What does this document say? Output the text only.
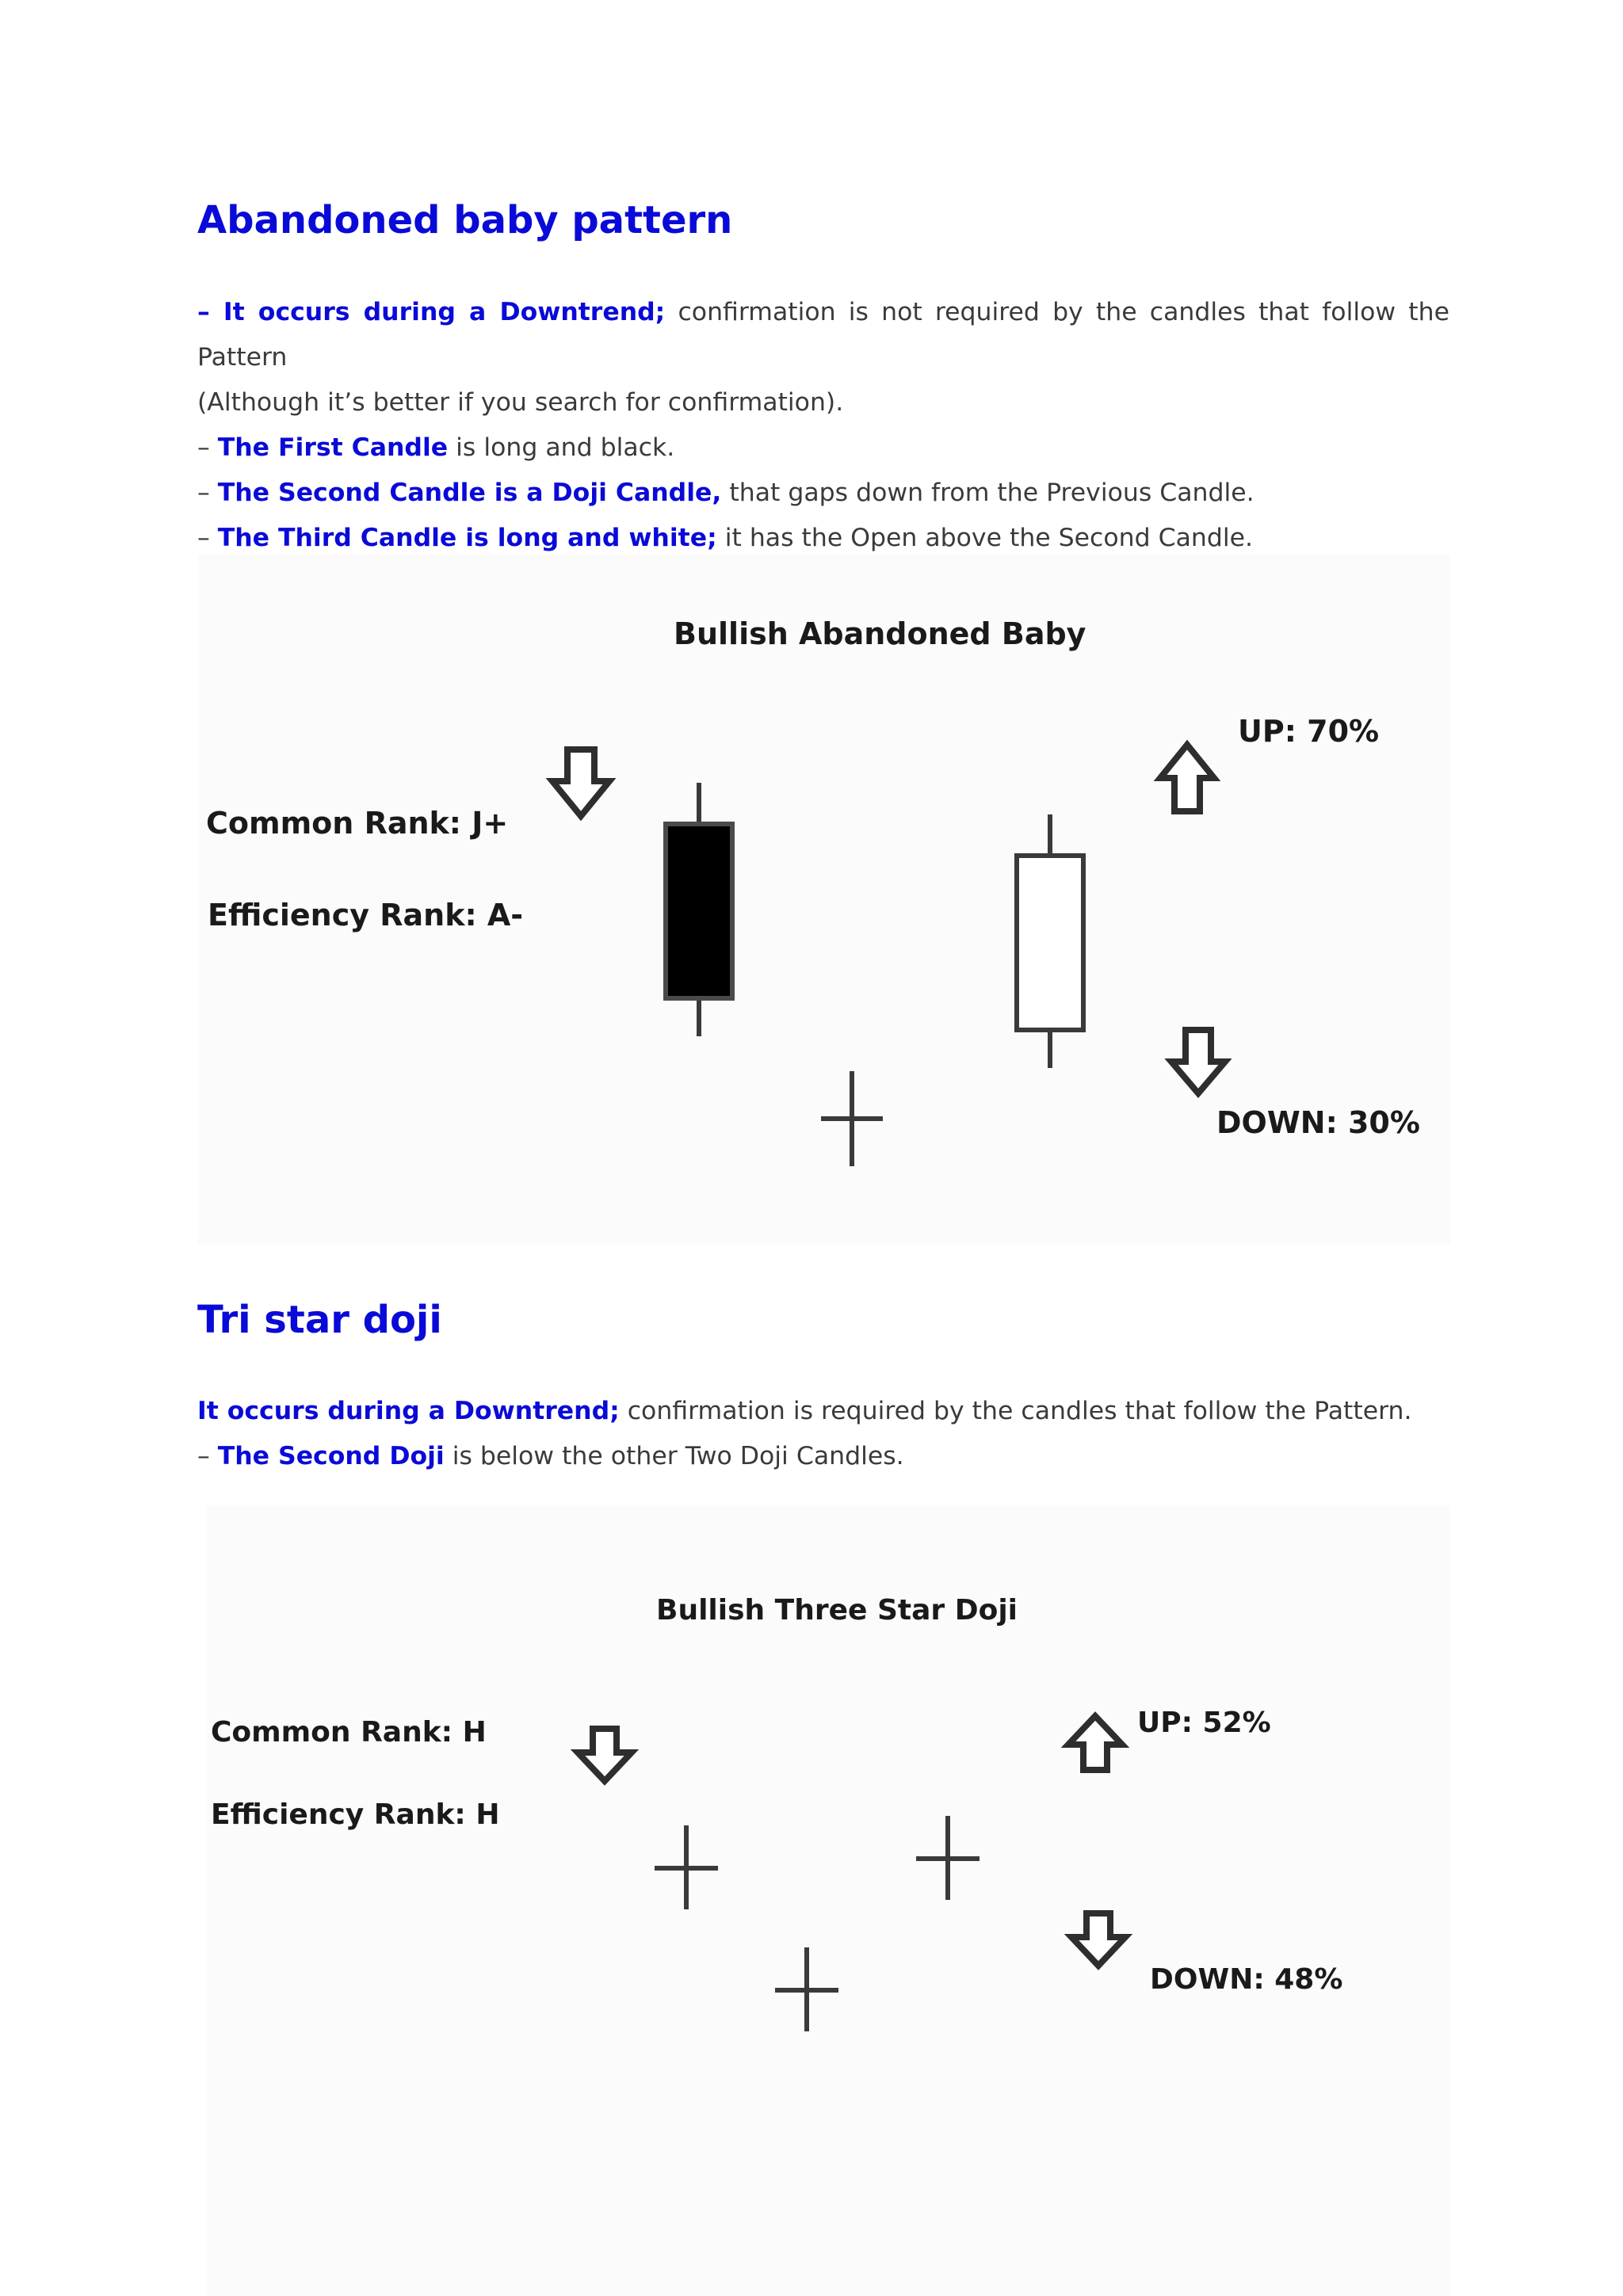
Abandoned baby pattern

– It occurs during a Downtrend; confirmation is not required by the candles that follow the Pattern

(Although it’s better if you search for confirmation).

– The First Candle is long and black.

– The Second Candle is a Doji Candle, that gaps down from the Previous Candle.

– The Third Candle is long and white; it has the Open above the Second Candle.

Bullish Abandoned Baby
Common Rank: J+
Efficiency Rank: A-
UP: 70%
DOWN: 30%
Tri star doji

It occurs during a Downtrend; confirmation is required by the candles that follow the Pattern.

– The Second Doji is below the other Two Doji Candles.

Bullish Three Star Doji
Common Rank: H
Efficiency Rank: H
UP: 52%
DOWN: 48%
